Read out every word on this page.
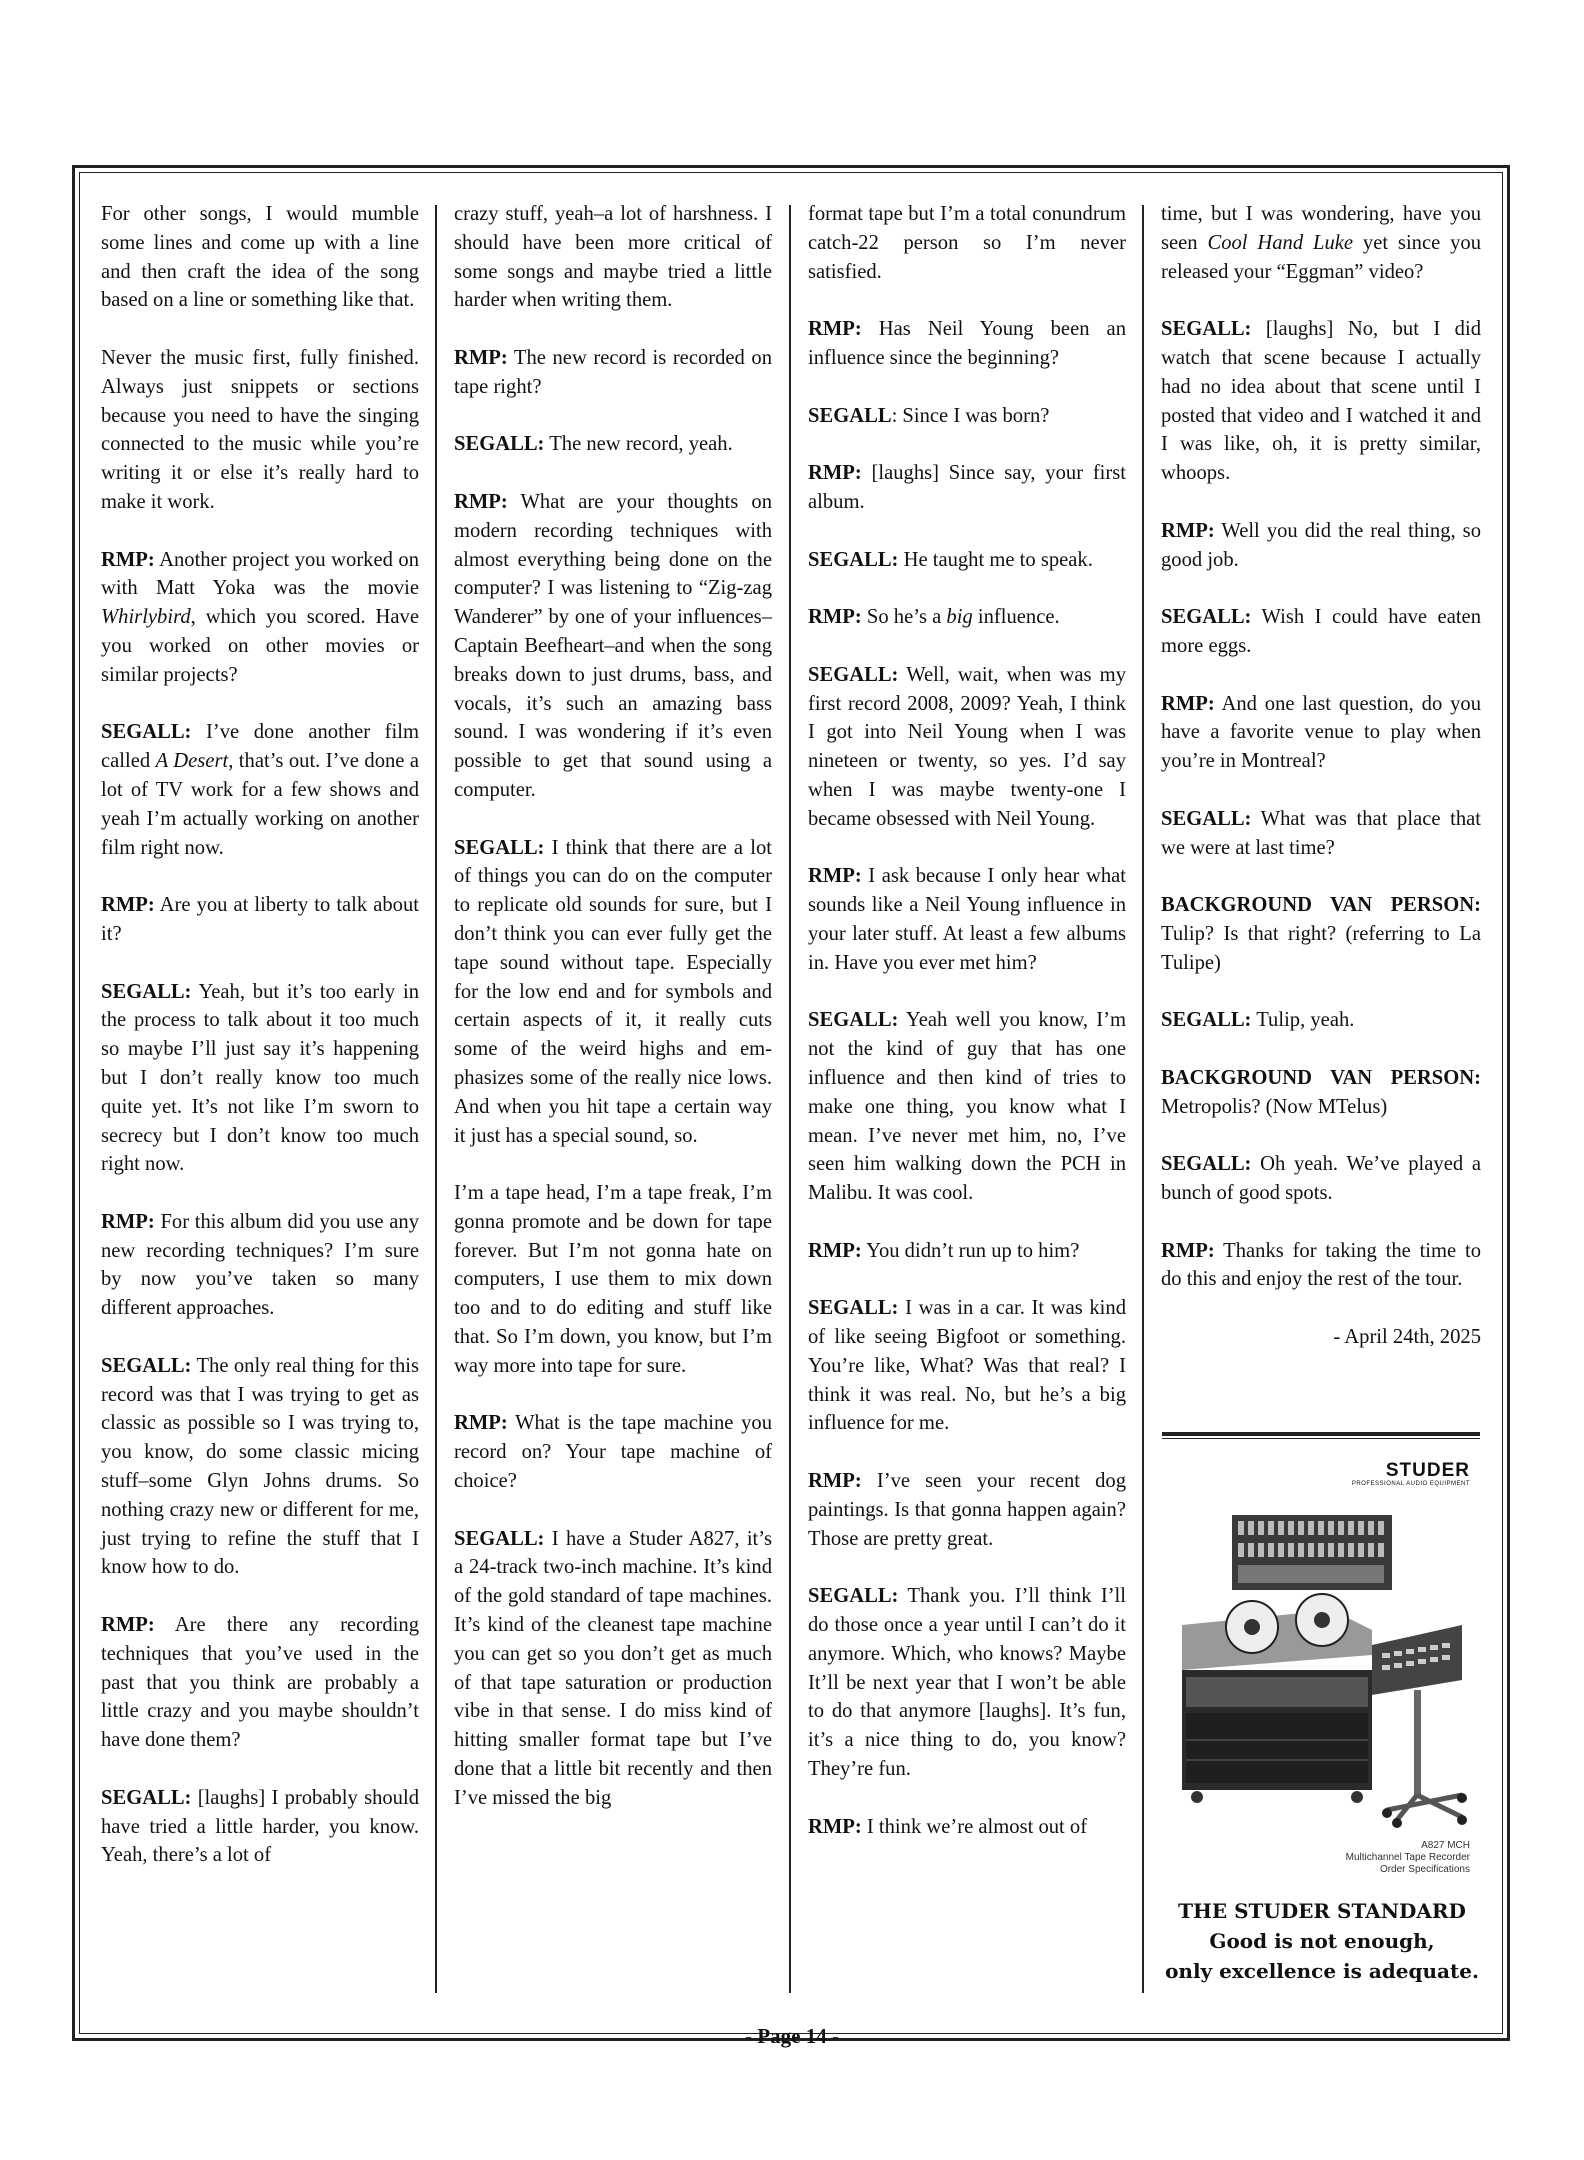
For other songs, I would mumble some lines and come up with a line and then craft the idea of the song based on a line or something like that.

Never the music first, fully finished. Always just snippets or sections because you need to have the singing connected to the music while you’re writing it or else it’s really hard to make it work.

RMP: Another project you worked on with Matt Yoka was the movie Whirlybird, which you scored. Have you worked on other movies or similar projects?

SEGALL: I’ve done another film called A Desert, that’s out. I’ve done a lot of TV work for a few shows and yeah I’m actually working on another film right now.

RMP: Are you at liberty to talk about it?

SEGALL: Yeah, but it’s too early in the process to talk about it too much so maybe I’ll just say it’s happening but I don’t really know too much quite yet. It’s not like I’m sworn to secrecy but I don’t know too much right now.

RMP: For this album did you use any new recording techniques? I’m sure by now you’ve taken so many different approaches.

SEGALL: The only real thing for this record was that I was trying to get as classic as possible so I was trying to, you know, do some classic micing stuff–some Glyn Johns drums. So nothing crazy new or different for me, just trying to refine the stuff that I know how to do.

RMP: Are there any recording techniques that you’ve used in the past that you think are probably a little crazy and you maybe shouldn’t have done them?

SEGALL: [laughs] I probably should have tried a little harder, you know. Yeah, there’s a lot of

crazy stuff, yeah–a lot of harshness. I should have been more critical of some songs and maybe tried a little harder when writing them.

RMP: The new record is recorded on tape right?

SEGALL: The new record, yeah.

RMP: What are your thoughts on modern recording techniques with almost everything being done on the computer? I was listening to “Zig-zag Wanderer” by one of your influences–Captain Beefheart–and when the song breaks down to just drums, bass, and vocals, it’s such an amazing bass sound. I was wondering if it’s even possible to get that sound using a computer.

SEGALL: I think that there are a lot of things you can do on the computer to replicate old sounds for sure, but I don’t think you can ever fully get the tape sound without tape. Especially for the low end and for symbols and certain aspects of it, it really cuts some of the weird highs and emphasizes some of the really nice lows. And when you hit tape a certain way it just has a special sound, so.

I’m a tape head, I’m a tape freak, I’m gonna promote and be down for tape forever. But I’m not gonna hate on computers, I use them to mix down too and to do editing and stuff like that. So I’m down, you know, but I’m way more into tape for sure.

RMP: What is the tape machine you record on? Your tape machine of choice?

SEGALL: I have a Studer A827, it’s a 24-track two-inch machine. It’s kind of the gold standard of tape machines. It’s kind of the cleanest tape machine you can get so you don’t get as much of that tape saturation or production vibe in that sense. I do miss kind of hitting smaller format tape but I’ve done that a little bit recently and then I’ve missed the big

format tape but I’m a total conundrum catch-22 person so I’m never satisfied.

RMP: Has Neil Young been an influence since the beginning?

SEGALL: Since I was born?

RMP: [laughs] Since say, your first album.

SEGALL: He taught me to speak.

RMP: So he’s a big influence.

SEGALL: Well, wait, when was my first record 2008, 2009? Yeah, I think I got into Neil Young when I was nineteen or twenty, so yes. I’d say when I was maybe twenty-one I became obsessed with Neil Young.

RMP: I ask because I only hear what sounds like a Neil Young influence in your later stuff. At least a few albums in. Have you ever met him?

SEGALL: Yeah well you know, I’m not the kind of guy that has one influence and then kind of tries to make one thing, you know what I mean. I’ve never met him, no, I’ve seen him walking down the PCH in Malibu. It was cool.

RMP: You didn’t run up to him?

SEGALL: I was in a car. It was kind of like seeing Bigfoot or something. You’re like, What? Was that real? I think it was real. No, but he’s a big influence for me.

RMP: I’ve seen your recent dog paintings. Is that gonna happen again? Those are pretty great.

SEGALL: Thank you. I’ll think I’ll do those once a year until I can’t do it anymore. Which, who knows? Maybe It’ll be next year that I won’t be able to do that anymore [laughs]. It’s fun, it’s a nice thing to do, you know? They’re fun.

RMP: I think we’re almost out of

time, but I was wondering, have you seen Cool Hand Luke yet since you released your “Eggman” video?

SEGALL: [laughs] No, but I did watch that scene because I actually had no idea about that scene until I posted that video and I watched it and I was like, oh, it is pretty similar, whoops.

RMP: Well you did the real thing, so good job.

SEGALL: Wish I could have eaten more eggs.

RMP: And one last question, do you have a favorite venue to play when you’re in Montreal?

SEGALL: What was that place that we were at last time?

BACKGROUND VAN PERSON: Tulip? Is that right? (referring to La Tulipe)

SEGALL: Tulip, yeah.

BACKGROUND VAN PERSON: Metropolis? (Now MTelus)

SEGALL: Oh yeah. We’ve played a bunch of good spots.

RMP: Thanks for taking the time to do this and enjoy the rest of the tour.

- April 24th, 2025

STUDER
PROFESSIONAL AUDIO EQUIPMENT
A827 MCH
Multichannel Tape Recorder
Order Specifications
THE STUDER STANDARD
Good is not enough,
only excellence is adequate.
- Page 14 -
